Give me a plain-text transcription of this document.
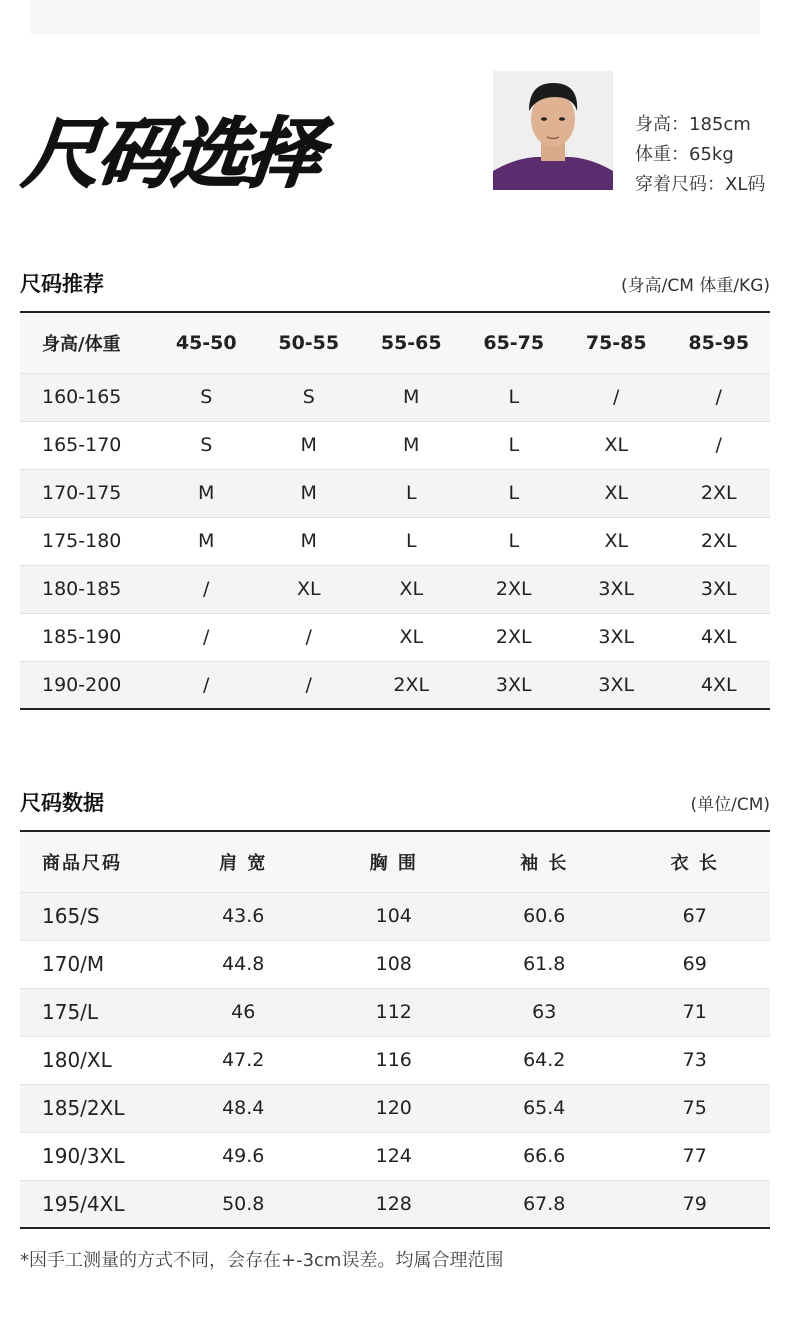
尺码选择	身高：185cm
体重：65kg
穿着尺码：XL码
尺码推荐	(身高/CM 体重/KG)
身高/体重	45-50	50-55	55-65	65-75	75-85	85-95
160-165	S	S	M	L	/	/
165-170	S	M	M	L	XL	/
170-175	M	M	L	L	XL	2XL
175-180	M	M	L	L	XL	2XL
180-185	/	XL	XL	2XL	3XL	3XL
185-190	/	/	XL	2XL	3XL	4XL
190-200	/	/	2XL	3XL	3XL	4XL
尺码数据	(单位/CM)
商品尺码	肩 宽	胸 围	袖 长	衣 长
165/S	43.6	104	60.6	67
170/M	44.8	108	61.8	69
175/L	46	112	63	71
180/XL	47.2	116	64.2	73
185/2XL	48.4	120	65.4	75
190/3XL	49.6	124	66.6	77
195/4XL	50.8	128	67.8	79
*因手工测量的方式不同，会存在+-3cm误差。均属合理范围
